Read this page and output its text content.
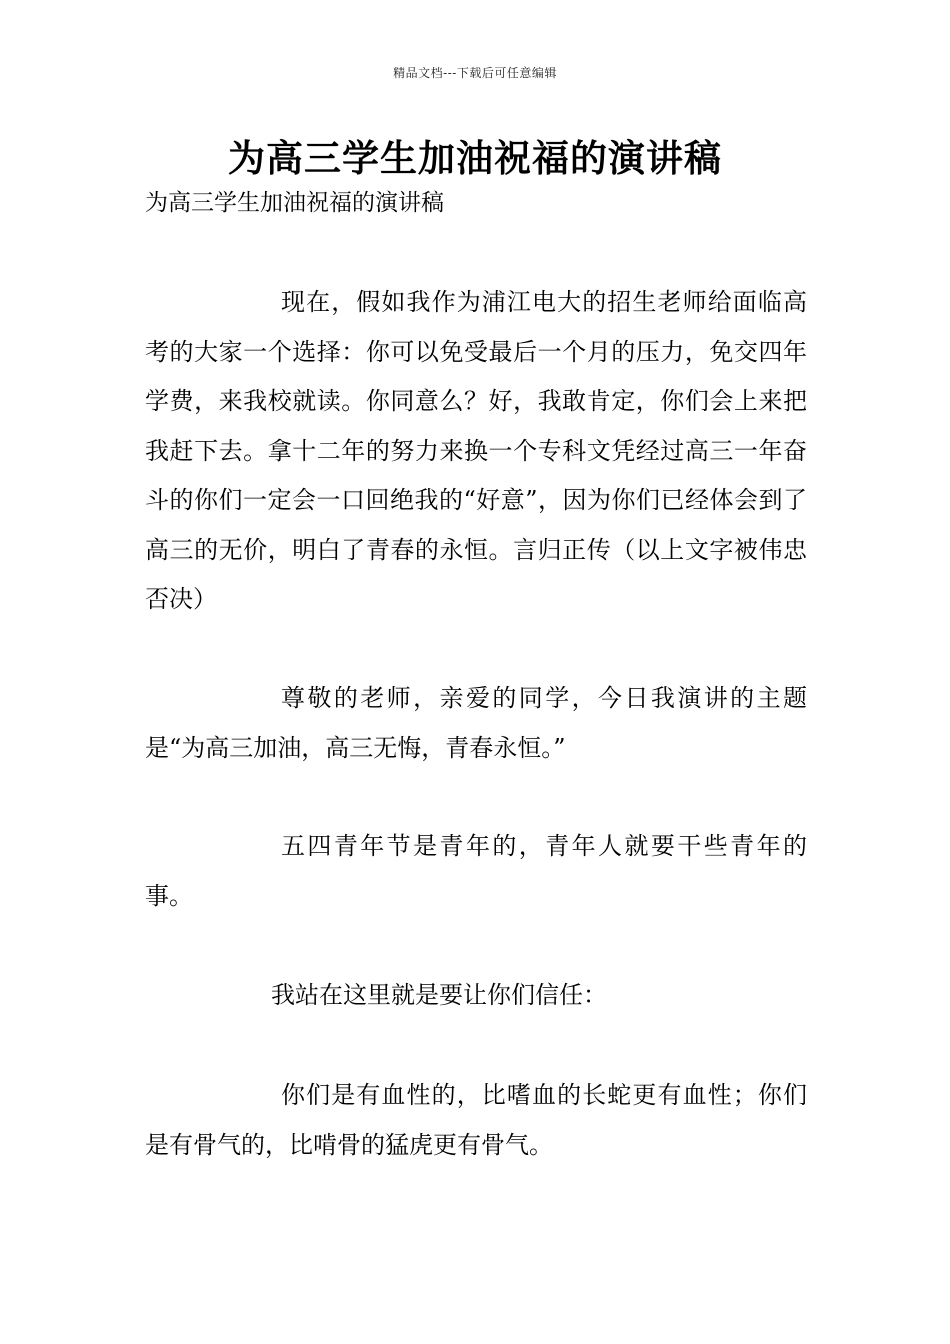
精品文档---下载后可任意编辑
为高三学生加油祝福的演讲稿

为高三学生加油祝福的演讲稿

现在，假如我作为浦江电大的招生老师给面临高考的大家一个选择：你可以免受最后一个月的压力，免交四年学费，来我校就读。你同意么？好，我敢肯定，你们会上来把我赶下去。拿十二年的努力来换一个专科文凭经过高三一年奋斗的你们一定会一口回绝我的“好意”，因为你们已经体会到了高三的无价，明白了青春的永恒。言归正传（以上文字被伟忠否决）

尊敬的老师，亲爱的同学，今日我演讲的主题是“为高三加油，高三无悔，青春永恒。”

五四青年节是青年的，青年人就要干些青年的事。

我站在这里就是要让你们信任：

你们是有血性的，比嗜血的长蛇更有血性；你们是有骨气的，比啃骨的猛虎更有骨气。
